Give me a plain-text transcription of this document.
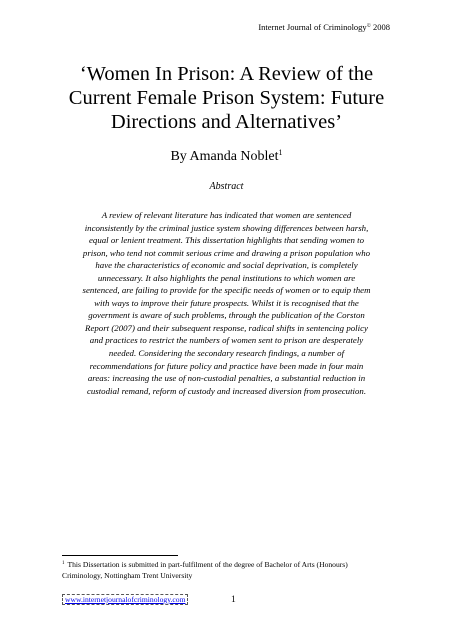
Internet Journal of Criminology© 2008
‘Women In Prison: A Review of the
Current Female Prison System: Future
Directions and Alternatives’
By Amanda Noblet$^1$
Abstract
A review of relevant literature has indicated that women are sentenced
inconsistently by the criminal justice system showing differences between harsh,
equal or lenient treatment. This dissertation highlights that sending women to
prison, who tend not commit serious crime and drawing a prison population who
have the characteristics of economic and social deprivation, is completely
unnecessary. It also highlights the penal institutions to which women are
sentenced, are failing to provide for the specific needs of women or to equip them
with ways to improve their future prospects. Whilst it is recognised that the
government is aware of such problems, through the publication of the Corston
Report (2007) and their subsequent response, radical shifts in sentencing policy
and practices to restrict the numbers of women sent to prison are desperately
needed. Considering the secondary research findings, a number of
recommendations for future policy and practice have been made in four main
areas: increasing the use of non-custodial penalties, a substantial reduction in
custodial remand, reform of custody and increased diversion from prosecution.
$^1$ This Dissertation is submitted in part-fulfilment of the degree of Bachelor of Arts (Honours)
Criminology, Nottingham Trent University
www.internetjournalofcriminology.com	1
